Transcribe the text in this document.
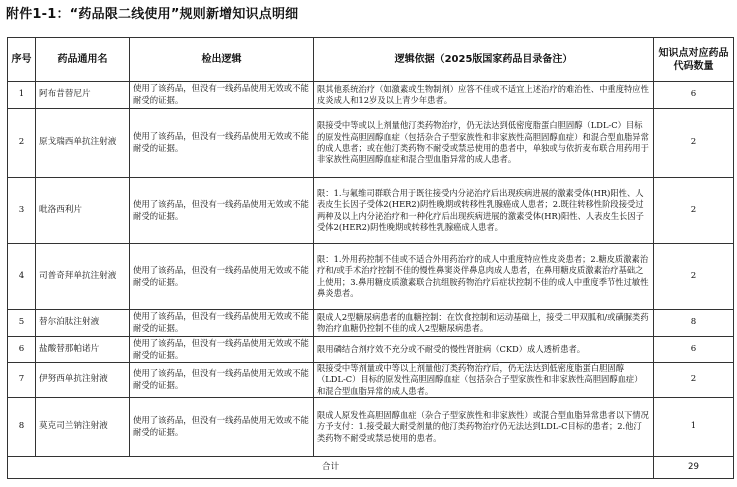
附件1-1：“药品限二线使用”规则新增知识点明细
序号	药品通用名	检出逻辑	逻辑依据（2025版国家药品目录备注）	知识点对应药品代码数量
1	阿布昔替尼片	使用了该药品，但没有一线药品使用无效或不能耐受的证据。	限其他系统治疗（如激素或生物制剂）应答不佳或不适宜上述治疗的难治性、中重度特应性皮炎成人和12岁及以上青少年患者。	6
2	原戈瑞西单抗注射液	使用了该药品，但没有一线药品使用无效或不能耐受的证据。	限接受中等或以上剂量他汀类药物治疗，仍无法达到低密度脂蛋白胆固醇（LDL-C）目标的原发性高胆固醇血症（包括杂合子型家族性和非家族性高胆固醇血症）和混合型血脂异常的成人患者；或在他汀类药物不耐受或禁忌使用的患者中，单独或与依折麦布联合用药用于非家族性高胆固醇血症和混合型血脂异常的成人患者。	2
3	吡洛西利片	使用了该药品，但没有一线药品使用无效或不能耐受的证据。	限：1.与氟维司群联合用于既往接受内分泌治疗后出现疾病进展的激素受体(HR)阳性、人表皮生长因子受体2(HER2)阴性晚期或转移性乳腺癌成人患者；2.既往转移性阶段接受过两种及以上内分泌治疗和一种化疗后出现疾病进展的激素受体(HR)阳性、人表皮生长因子受体2(HER2)阴性晚期或转移性乳腺癌成人患者。	2
4	司普奇拜单抗注射液	使用了该药品，但没有一线药品使用无效或不能耐受的证据。	限：1.外用药控制不佳或不适合外用药治疗的成人中重度特应性皮炎患者；2.糖皮质激素治疗和/或手术治疗控制不佳的慢性鼻窦炎伴鼻息肉成人患者，在鼻用糖皮质激素治疗基础之上使用；3.鼻用糖皮质激素联合抗组胺药物治疗后症状控制不佳的成人中重度季节性过敏性鼻炎患者。	2
5	替尔泊肽注射液	使用了该药品，但没有一线药品使用无效或不能耐受的证据。	限成人2型糖尿病患者的血糖控制：在饮食控制和运动基础上，接受二甲双胍和/或磺脲类药物治疗血糖仍控制不佳的成人2型糖尿病患者。	8
6	盐酸替那帕诺片	使用了该药品，但没有一线药品使用无效或不能耐受的证据。	限用磷结合剂疗效不充分或不耐受的慢性肾脏病（CKD）成人透析患者。	6
7	伊努西单抗注射液	使用了该药品，但没有一线药品使用无效或不能耐受的证据。	限接受中等剂量或中等以上剂量他汀类药物治疗后，仍无法达到低密度脂蛋白胆固醇（LDL-C）目标的原发性高胆固醇血症（包括杂合子型家族性和非家族性高胆固醇血症）和混合型血脂异常的成人患者。	2
8	莫克司兰钠注射液	使用了该药品，但没有一线药品使用无效或不能耐受的证据。	限成人原发性高胆固醇血症（杂合子型家族性和非家族性）或混合型血脂异常患者以下情况方予支付：1.接受最大耐受剂量的他汀类药物治疗仍无法达到LDL-C目标的患者；2.他汀类药物不耐受或禁忌使用的患者。	1
合计				29
